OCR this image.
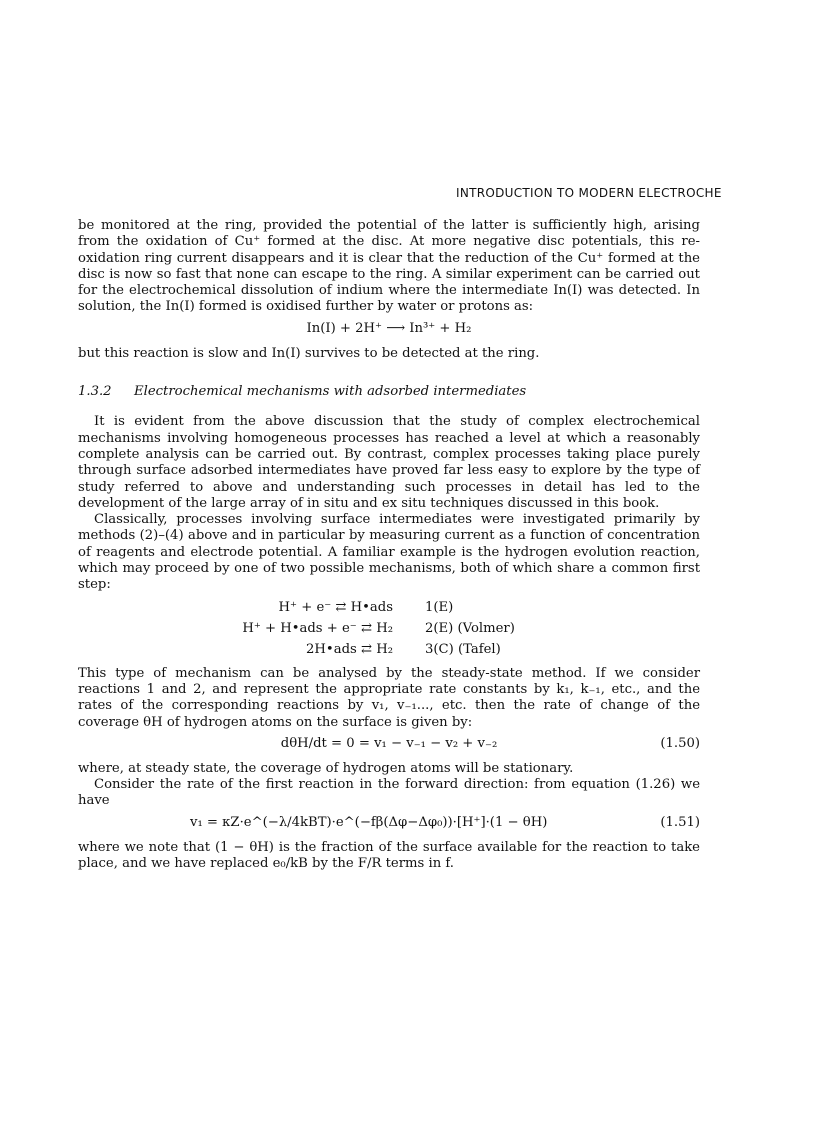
INTRODUCTION TO MODERN ELECTROCHE

be monitored at the ring, provided the potential of the latter is sufficiently high, arising from the oxidation of Cu⁺ formed at the disc. At more negative disc potentials, this re-oxidation ring current disappears and it is clear that the reduction of the Cu⁺ formed at the disc is now so fast that none can escape to the ring. A similar experiment can be carried out for the electrochemical dissolution of indium where the intermediate In(I) was detected. In solution, the In(I) formed is oxidised further by water or protons as:

In(I) + 2H⁺ ⟶ In³⁺ + H₂

but this reaction is slow and In(I) survives to be detected at the ring.

1.3.2 Electrochemical mechanisms with adsorbed intermediates

It is evident from the above discussion that the study of complex electrochemical mechanisms involving homogeneous processes has reached a level at which a reasonably complete analysis can be carried out. By contrast, complex processes taking place purely through surface adsorbed intermediates have proved far less easy to explore by the type of study referred to above and understanding such processes in detail has led to the development of the large array of in situ and ex situ techniques discussed in this book.

Classically, processes involving surface intermediates were investigated primarily by methods (2)–(4) above and in particular by measuring current as a function of concentration of reagents and electrode potential. A familiar example is the hydrogen evolution reaction, which may proceed by one of two possible mechanisms, both of which share a common first step:

H⁺ + e⁻ ⇄ H•ads 1(E)
H⁺ + H•ads + e⁻ ⇄ H₂ 2(E) (Volmer)
2H•ads ⇄ H₂ 3(C) (Tafel)

This type of mechanism can be analysed by the steady-state method. If we consider reactions 1 and 2, and represent the appropriate rate constants by k₁, k₋₁, etc., and the rates of the corresponding reactions by v₁, v₋₁..., etc. then the rate of change of the coverage θH of hydrogen atoms on the surface is given by:

dθH/dt = 0 = v₁ − v₋₁ − v₂ + v₋₂	(1.50)

where, at steady state, the coverage of hydrogen atoms will be stationary.

Consider the rate of the first reaction in the forward direction: from equation (1.26) we have

v₁ = κZ·e^(−λ/4kBT)·e^(−fβ(Δφ−Δφ₀))·[H⁺]·(1 − θH)	(1.51)

where we note that (1 − θH) is the fraction of the surface available for the reaction to take place, and we have replaced e₀/kB by the F/R terms in f.
